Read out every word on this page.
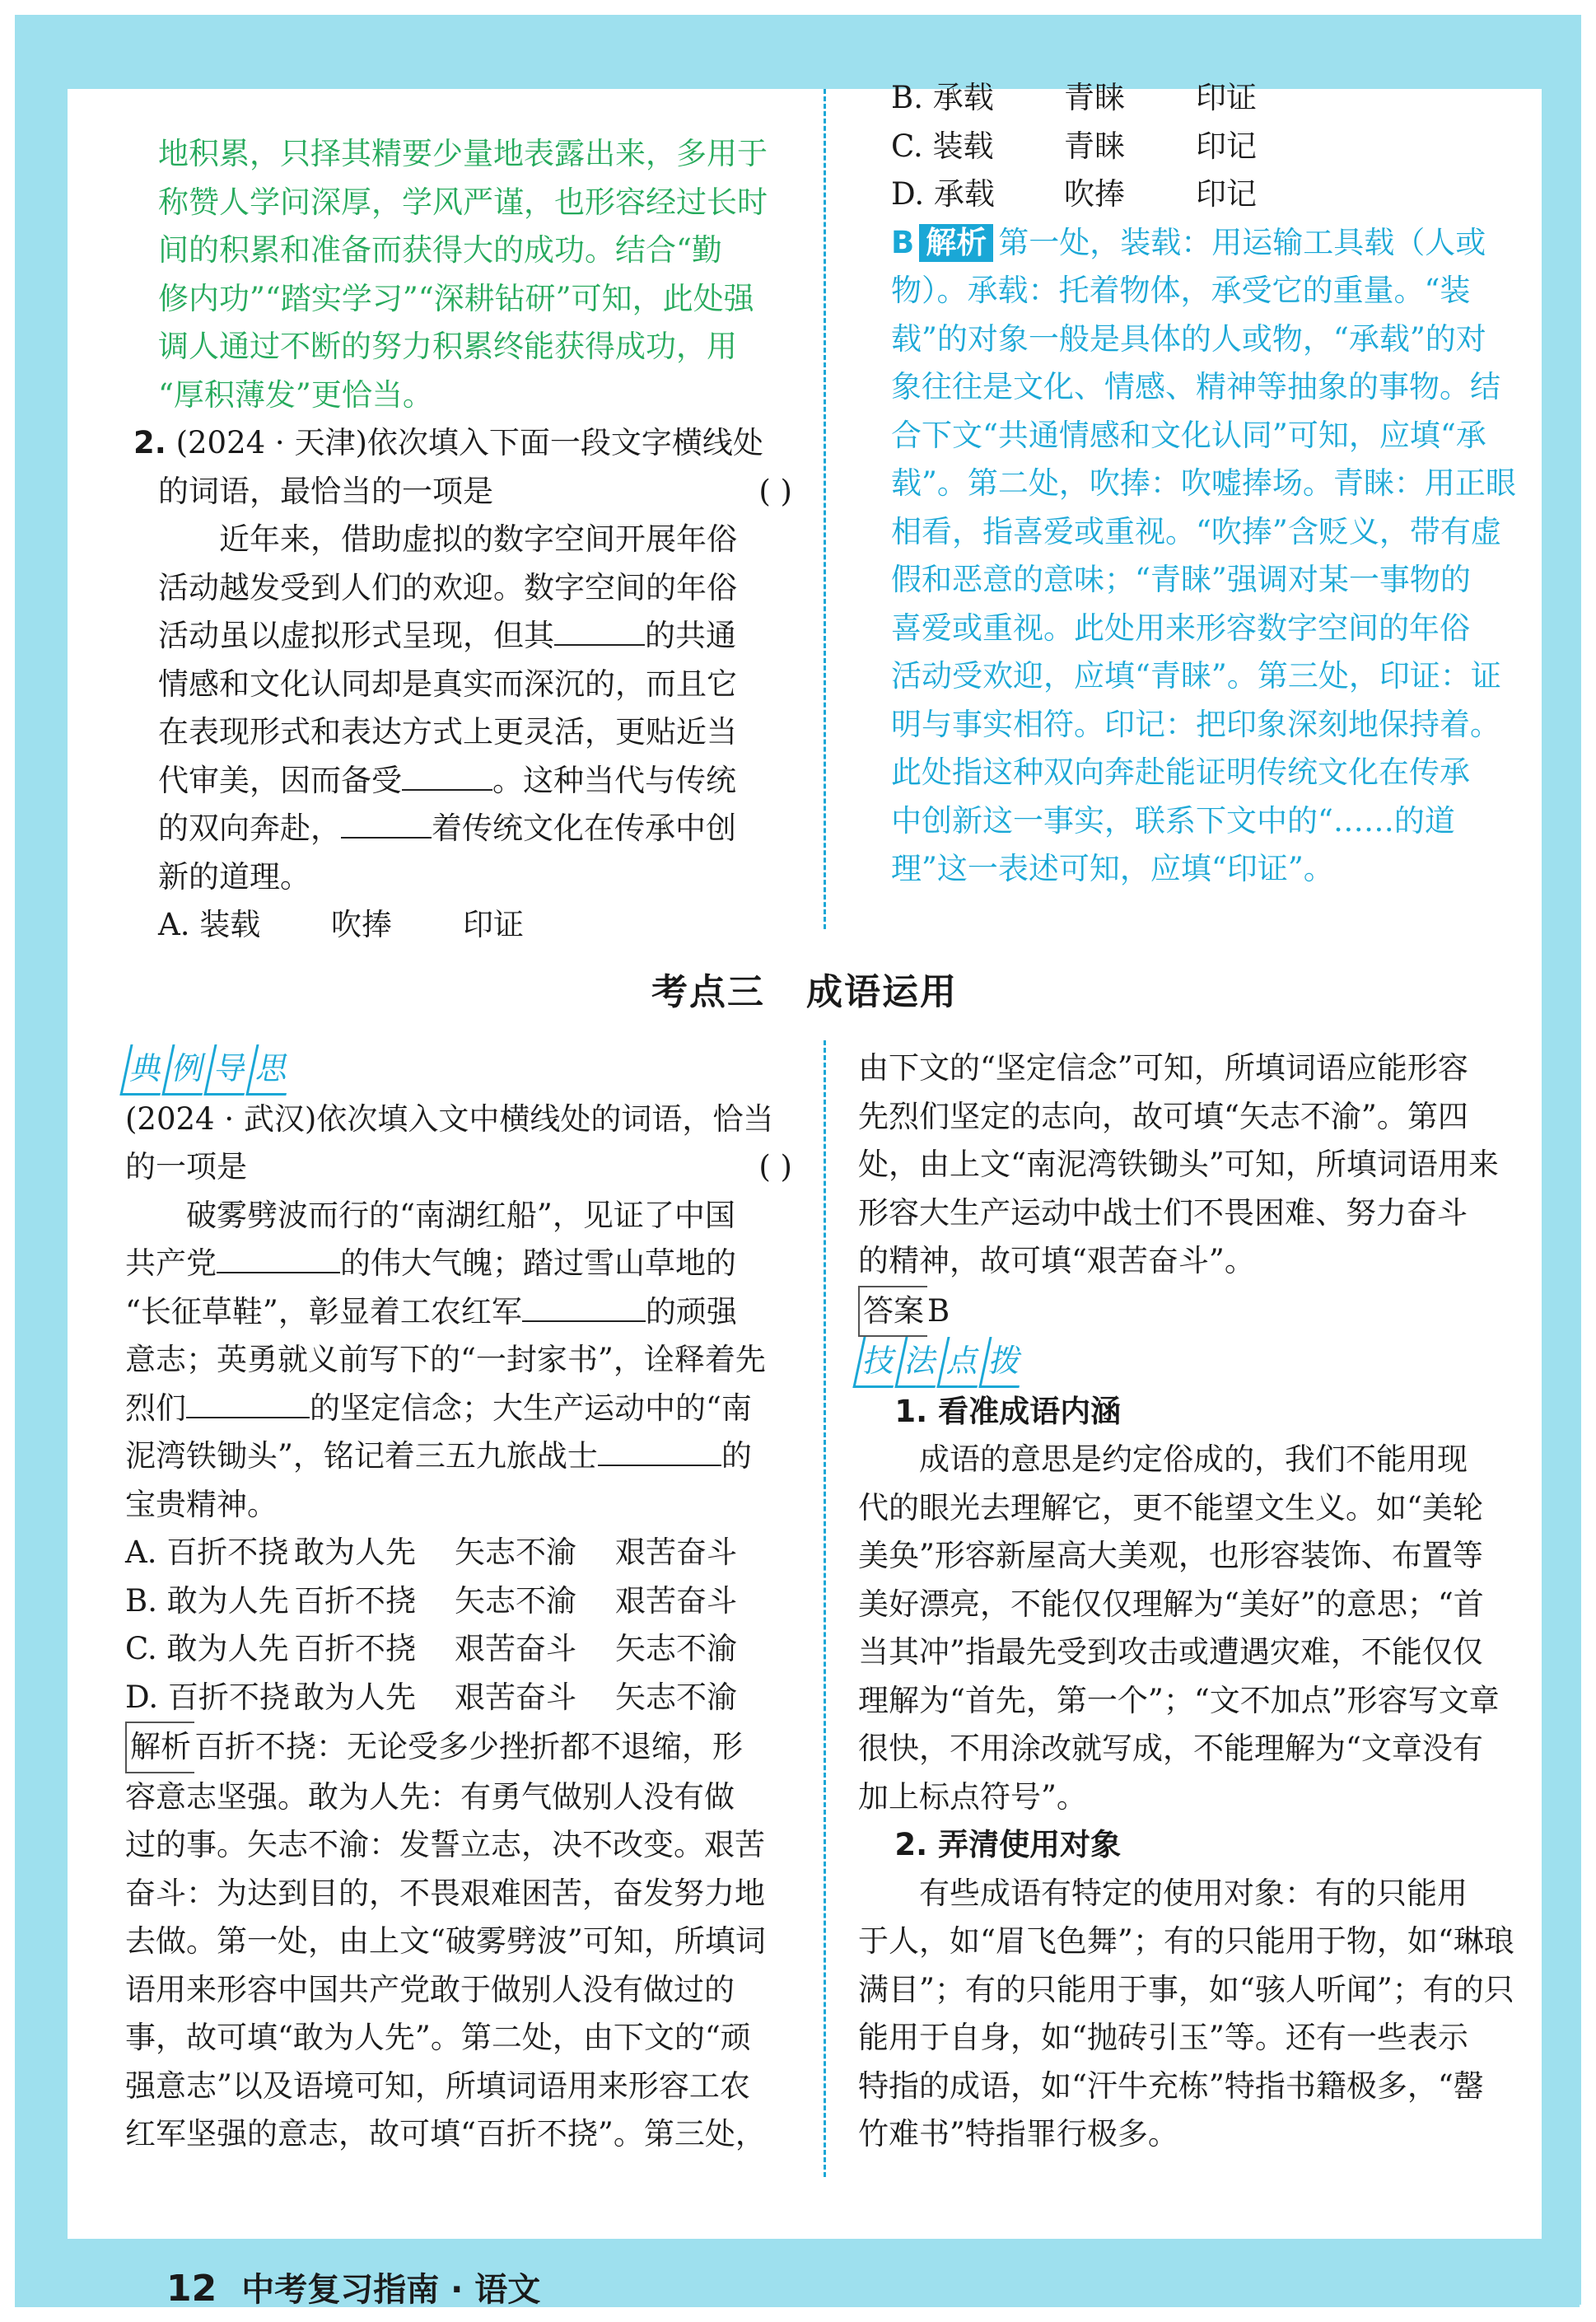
地积累，只择其精要少量地表露出来，多用于
称赞人学问深厚，学风严谨，也形容经过长时
间的积累和准备而获得大的成功。结合“勤
修内功”“踏实学习”“深耕钻研”可知，此处强
调人通过不断的努力积累终能获得成功，用
“厚积薄发”更恰当。
2. (2024 · 天津)依次填入下面一段文字横线处
的词语，最恰当的一项是	( )
近年来，借助虚拟的数字空间开展年俗
活动越发受到人们的欢迎。数字空间的年俗
活动虽以虚拟形式呈现，但其	的共通
情感和文化认同却是真实而深沉的，而且它
在表现形式和表达方式上更灵活，更贴近当
代审美，因而备受	。这种当代与传统
的双向奔赴，	着传统文化在传承中创
新的道理。
A. 装载	吹捧	印证
B. 承载	青睐	印证
C. 装载	青睐	印记
D. 承载	吹捧	印记
B 解析 第一处，装载：用运输工具载（人或
物）。承载：托着物体，承受它的重量。“装
载”的对象一般是具体的人或物，“承载”的对
象往往是文化、情感、精神等抽象的事物。结
合下文“共通情感和文化认同”可知，应填“承
载”。第二处，吹捧：吹嘘捧场。青睐：用正眼
相看，指喜爱或重视。“吹捧”含贬义，带有虚
假和恶意的意味；“青睐”强调对某一事物的
喜爱或重视。此处用来形容数字空间的年俗
活动受欢迎，应填“青睐”。第三处，印证：证
明与事实相符。印记：把印象深刻地保持着。
此处指这种双向奔赴能证明传统文化在传承
中创新这一事实，联系下文中的“……的道
理”这一表述可知，应填“印证”。
考点三 成语运用
典例导思
(2024 · 武汉)依次填入文中横线处的词语，恰当
的一项是	( )
破雾劈波而行的“南湖红船”，见证了中国
共产党	的伟大气魄；踏过雪山草地的
“长征草鞋”，彰显着工农红军	的顽强
意志；英勇就义前写下的“一封家书”，诠释着先
烈们	的坚定信念；大生产运动中的“南
泥湾铁锄头”，铭记着三五九旅战士	的
宝贵精神。
A. 百折不挠 敢为人先	矢志不渝	艰苦奋斗
B. 敢为人先 百折不挠	矢志不渝	艰苦奋斗
C. 敢为人先 百折不挠	艰苦奋斗	矢志不渝
D. 百折不挠 敢为人先	艰苦奋斗	矢志不渝
解析 百折不挠：无论受多少挫折都不退缩，形
容意志坚强。敢为人先：有勇气做别人没有做
过的事。矢志不渝：发誓立志，决不改变。艰苦
奋斗：为达到目的，不畏艰难困苦，奋发努力地
去做。第一处，由上文“破雾劈波”可知，所填词
语用来形容中国共产党敢于做别人没有做过的
事，故可填“敢为人先”。第二处，由下文的“顽
强意志”以及语境可知，所填词语用来形容工农
红军坚强的意志，故可填“百折不挠”。第三处，
由下文的“坚定信念”可知，所填词语应能形容
先烈们坚定的志向，故可填“矢志不渝”。第四
处，由上文“南泥湾铁锄头”可知，所填词语用来
形容大生产运动中战士们不畏困难、努力奋斗
的精神，故可填“艰苦奋斗”。
答案 B
技法点拨
1. 看准成语内涵
成语的意思是约定俗成的，我们不能用现
代的眼光去理解它，更不能望文生义。如“美轮
美奂”形容新屋高大美观，也形容装饰、布置等
美好漂亮，不能仅仅理解为“美好”的意思；“首
当其冲”指最先受到攻击或遭遇灾难，不能仅仅
理解为“首先，第一个”；“文不加点”形容写文章
很快，不用涂改就写成，不能理解为“文章没有
加上标点符号”。
2. 弄清使用对象
有些成语有特定的使用对象：有的只能用
于人，如“眉飞色舞”；有的只能用于物，如“琳琅
满目”；有的只能用于事，如“骇人听闻”；有的只
能用于自身，如“抛砖引玉”等。还有一些表示
特指的成语，如“汗牛充栋”特指书籍极多，“罄
竹难书”特指罪行极多。
12 中考复习指南 · 语文
